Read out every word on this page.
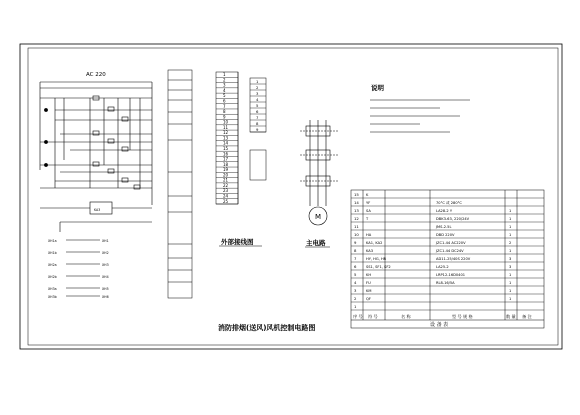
AC 220
KA3
XH1a
XH1b
XH2a
XH2b
XH3a
XH3b
XH1
XH2
XH3
XH4
XH5
XH6
1
2
3
4
5
6
7
8
9
10
11
12
13
14
15
16
17
18
19
20
21
22
23
24
25
1
2
3
4
5
6
7
8
9
外部接线图
M
主电路
说明
15 K
14 YF	70°C 或 280°C
13 SA	LA28-2 Y	1
12 T	DBK3-63, 220/24V	1
11	JMS-2.5L	1
10 HA	DBD 220V	1
9	KA1, KA2	JZC1-44 AC220V	2
8	KA3	JZC1-44 DC24V	1
7	HY, HG, HR	AD11-25/40S 220V	3
6	SS1, SF1, SF2	LA25-2	3
5	KH	LRP12-16D0401	1
4	FU	RL8-16/5A	1
3	KM	1
2	QF	1
1
序 号 符 号	名 称	型 号 规 格	数 量 备 注
设 备 表
消防排烟(送风)风机控制电路图
